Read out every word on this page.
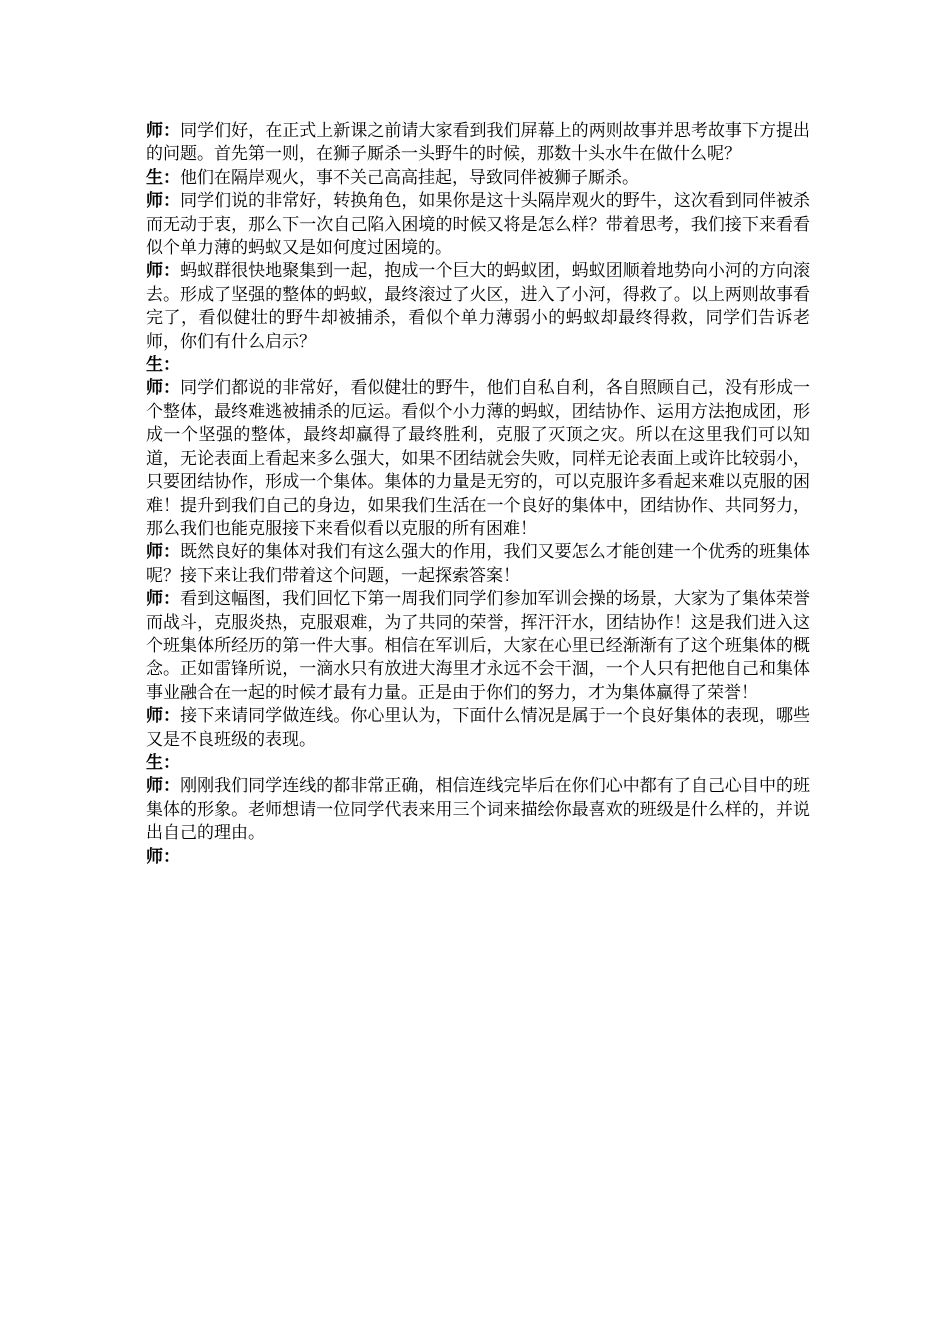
师：同学们好，在正式上新课之前请大家看到我们屏幕上的两则故事并思考故事下方提出的问题。首先第一则，在狮子厮杀一头野牛的时候，那数十头水牛在做什么呢？

生：他们在隔岸观火，事不关己高高挂起，导致同伴被狮子厮杀。

师：同学们说的非常好，转换角色，如果你是这十头隔岸观火的野牛，这次看到同伴被杀而无动于衷，那么下一次自己陷入困境的时候又将是怎么样？带着思考，我们接下来看看似个单力薄的蚂蚁又是如何度过困境的。

师：蚂蚁群很快地聚集到一起，抱成一个巨大的蚂蚁团，蚂蚁团顺着地势向小河的方向滚去。形成了坚强的整体的蚂蚁，最终滚过了火区，进入了小河，得救了。以上两则故事看完了，看似健壮的野牛却被捕杀，看似个单力薄弱小的蚂蚁却最终得救，同学们告诉老师，你们有什么启示？

生：

师：同学们都说的非常好，看似健壮的野牛，他们自私自利，各自照顾自己，没有形成一个整体，最终难逃被捕杀的厄运。看似个小力薄的蚂蚁，团结协作、运用方法抱成团，形成一个坚强的整体，最终却赢得了最终胜利，克服了灭顶之灾。所以在这里我们可以知道，无论表面上看起来多么强大，如果不团结就会失败，同样无论表面上或许比较弱小，只要团结协作，形成一个集体。集体的力量是无穷的，可以克服许多看起来难以克服的困难！提升到我们自己的身边，如果我们生活在一个良好的集体中，团结协作、共同努力，那么我们也能克服接下来看似看以克服的所有困难！

师：既然良好的集体对我们有这么强大的作用，我们又要怎么才能创建一个优秀的班集体呢？接下来让我们带着这个问题，一起探索答案！

师：看到这幅图，我们回忆下第一周我们同学们参加军训会操的场景，大家为了集体荣誉而战斗，克服炎热，克服艰难，为了共同的荣誉，挥汗汗水，团结协作！这是我们进入这个班集体所经历的第一件大事。相信在军训后，大家在心里已经渐渐有了这个班集体的概念。正如雷锋所说，一滴水只有放进大海里才永远不会干涸，一个人只有把他自己和集体事业融合在一起的时候才最有力量。正是由于你们的努力，才为集体赢得了荣誉！

师：接下来请同学做连线。你心里认为，下面什么情况是属于一个良好集体的表现，哪些又是不良班级的表现。

生：

师：刚刚我们同学连线的都非常正确，相信连线完毕后在你们心中都有了自己心目中的班集体的形象。老师想请一位同学代表来用三个词来描绘你最喜欢的班级是什么样的，并说出自己的理由。

师：
